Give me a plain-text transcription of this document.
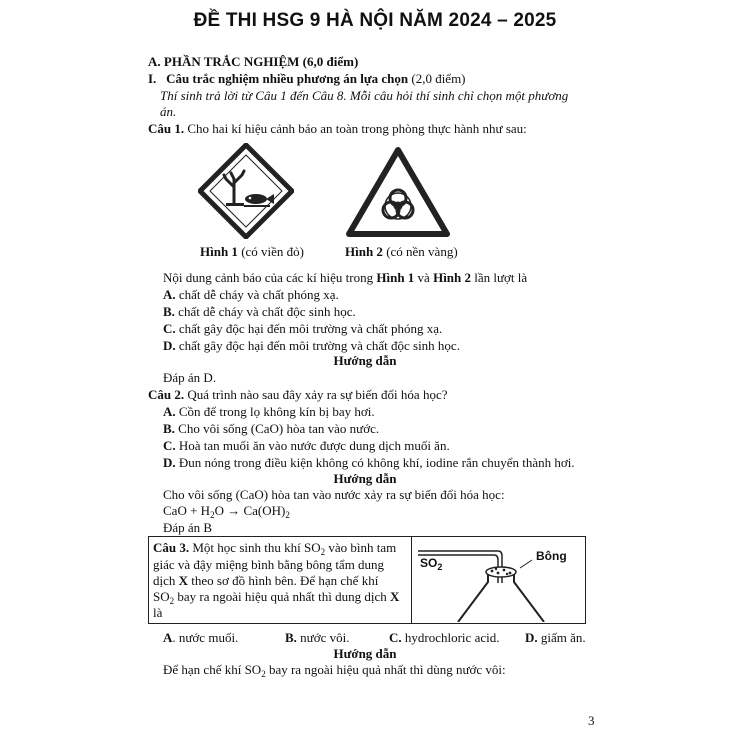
ĐỀ THI HSG 9 HÀ NỘI NĂM 2024 – 2025
A. PHẦN TRẮC NGHIỆM (6,0 điểm)
I. Câu trắc nghiệm nhiều phương án lựa chọn (2,0 điểm)
Thí sinh trả lời từ Câu 1 đến Câu 8. Mỗi câu hỏi thí sinh chỉ chọn một phương
án.
Câu 1. Cho hai kí hiệu cảnh báo an toàn trong phòng thực hành như sau:
Hình 1 (có viền đỏ)	Hình 2 (có nền vàng)
Nội dung cảnh báo của các kí hiệu trong Hình 1 và Hình 2 lần lượt là
A. chất dễ cháy và chất phóng xạ.
B. chất dễ cháy và chất độc sinh học.
C. chất gây độc hại đến môi trường và chất phóng xạ.
D. chất gây độc hại đến môi trường và chất độc sinh học.
Hướng dẫn
Đáp án D.
Câu 2. Quá trình nào sau đây xảy ra sự biến đổi hóa học?
A. Cồn để trong lọ không kín bị bay hơi.
B. Cho vôi sống (CaO) hòa tan vào nước.
C. Hoà tan muối ăn vào nước được dung dịch muối ăn.
D. Đun nóng trong điều kiện không có không khí, iodine rắn chuyển thành hơi.
Hướng dẫn
Cho vôi sống (CaO) hòa tan vào nước xảy ra sự biến đổi hóa học:
CaO + $H_2O \to Ca(OH)_2$
Đáp án B
Câu 3. Một học sinh thu khí $SO_2$ vào bình tam
giác và đậy miệng bình bằng bông tẩm dung
dịch X theo sơ đồ hình bên. Để hạn chế khí
$SO_2$ bay ra ngoài hiệu quả nhất thì dung dịch X
là
$SO_2$
Bông
A. nước muối.	B. nước vôi.	C. hydrochloric acid. D. giấm ăn.
Hướng dẫn
Để hạn chế khí $SO_2$ bay ra ngoài hiệu quả nhất thì dùng nước vôi:
3
